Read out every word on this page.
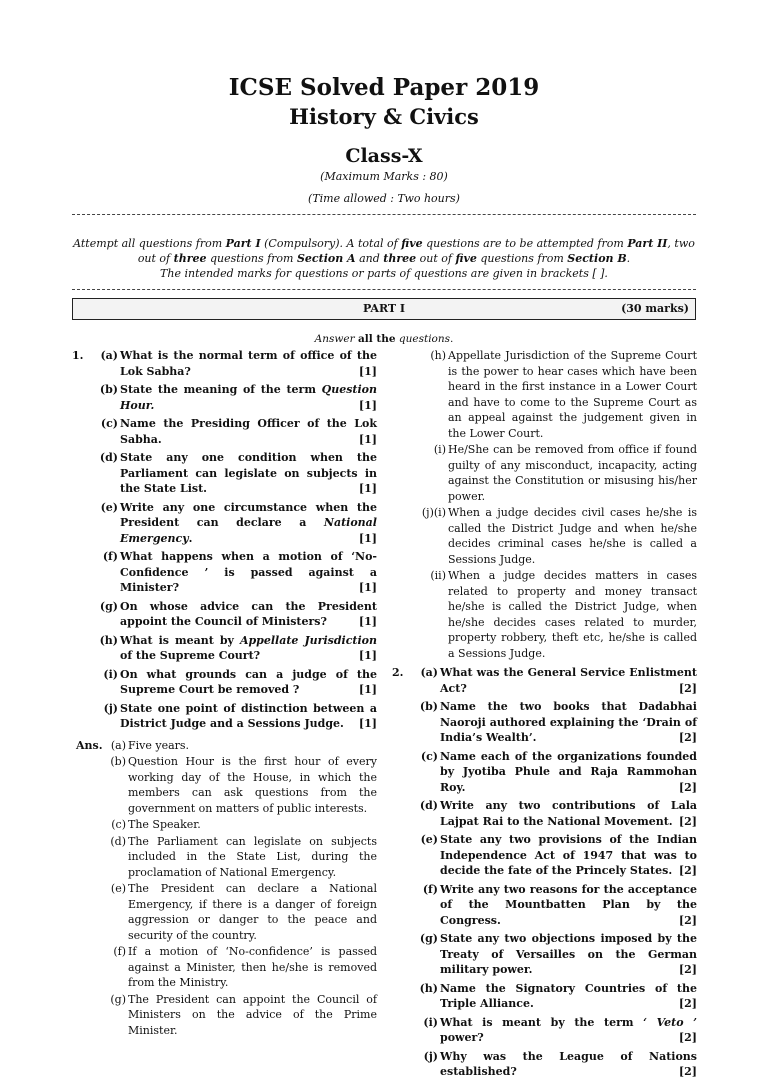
ICSE Solved Paper 2019
History & Civics
Class-X
(Maximum Marks : 80)
(Time allowed : Two hours)
Attempt all questions from Part I (Compulsory). A total of five questions are to be attempted from Part II, two out of three questions from Section A and three out of five questions from Section B.
The intended marks for questions or parts of questions are given in brackets [ ].
PART I	(30 marks)
Answer all the questions.
1.	(a) What is the normal term of office of the Lok Sabha?	[1]
(b) State the meaning of the term Question Hour.	[1]
(c) Name the Presiding Officer of the Lok Sabha.	[1]
(d) State any one condition when the Parliament can legislate on subjects in the State List.	[1]
(e) Write any one circumstance when the President can declare a National Emergency.	[1]
(f) What happens when a motion of ‘No-Confidence ’ is passed against a Minister?	[1]
(g) On whose advice can the President appoint the Council of Ministers?	[1]
(h) What is meant by Appellate Jurisdiction of the Supreme Court?	[1]
(i) On what grounds can a judge of the Supreme Court be removed ?	[1]
(j) State one point of distinction between a District Judge and a Sessions Judge. [1]
Ans. (a) Five years.
(b) Question Hour is the first hour of every working day of the House, in which the members can ask questions from the government on matters of public interests.
(c) The Speaker.
(d) The Parliament can legislate on subjects included in the State List, during the proclamation of National Emergency.
(e) The President can declare a National Emergency, if there is a danger of foreign aggression or danger to the peace and security of the country.
(f) If a motion of ‘No-confidence’ is passed against a Minister, then he/she is removed from the Ministry.
(g) The President can appoint the Council of Ministers on the advice of the Prime Minister.
(h) Appellate Jurisdiction of the Supreme Court is the power to hear cases which have been heard in the first instance in a Lower Court and have to come to the Supreme Court as an appeal against the judgement given in the Lower Court.
(i) He/She can be removed from office if found guilty of any misconduct, incapacity, acting against the Constitution or misusing his/her power.
(j)(i) When a judge decides civil cases he/she is called the District Judge and when he/she decides criminal cases he/she is called a Sessions Judge.
(ii) When a judge decides matters in cases related to property and money transact he/she is called the District Judge, when he/she decides cases related to murder, property robbery, theft etc, he/she is called a Sessions Judge.
2.	(a) What was the General Service Enlistment Act?	[2]
(b) Name the two books that Dadabhai Naoroji authored explaining the ‘Drain of India’s Wealth’.	[2]
(c) Name each of the organizations founded by Jyotiba Phule and Raja Rammohan Roy.	[2]
(d) Write any two contributions of Lala Lajpat Rai to the National Movement. [2]
(e) State any two provisions of the Indian Independence Act of 1947 that was to decide the fate of the Princely States. [2]
(f) Write any two reasons for the acceptance of the Mountbatten Plan by the Congress.	[2]
(g) State any two objections imposed by the Treaty of Versailles on the German military power.	[2]
(h) Name the Signatory Countries of the Triple Alliance.	[2]
(i) What is meant by the term ‘ Veto ’ power?	[2]
(j) Why was the League of Nations established?	[2]
